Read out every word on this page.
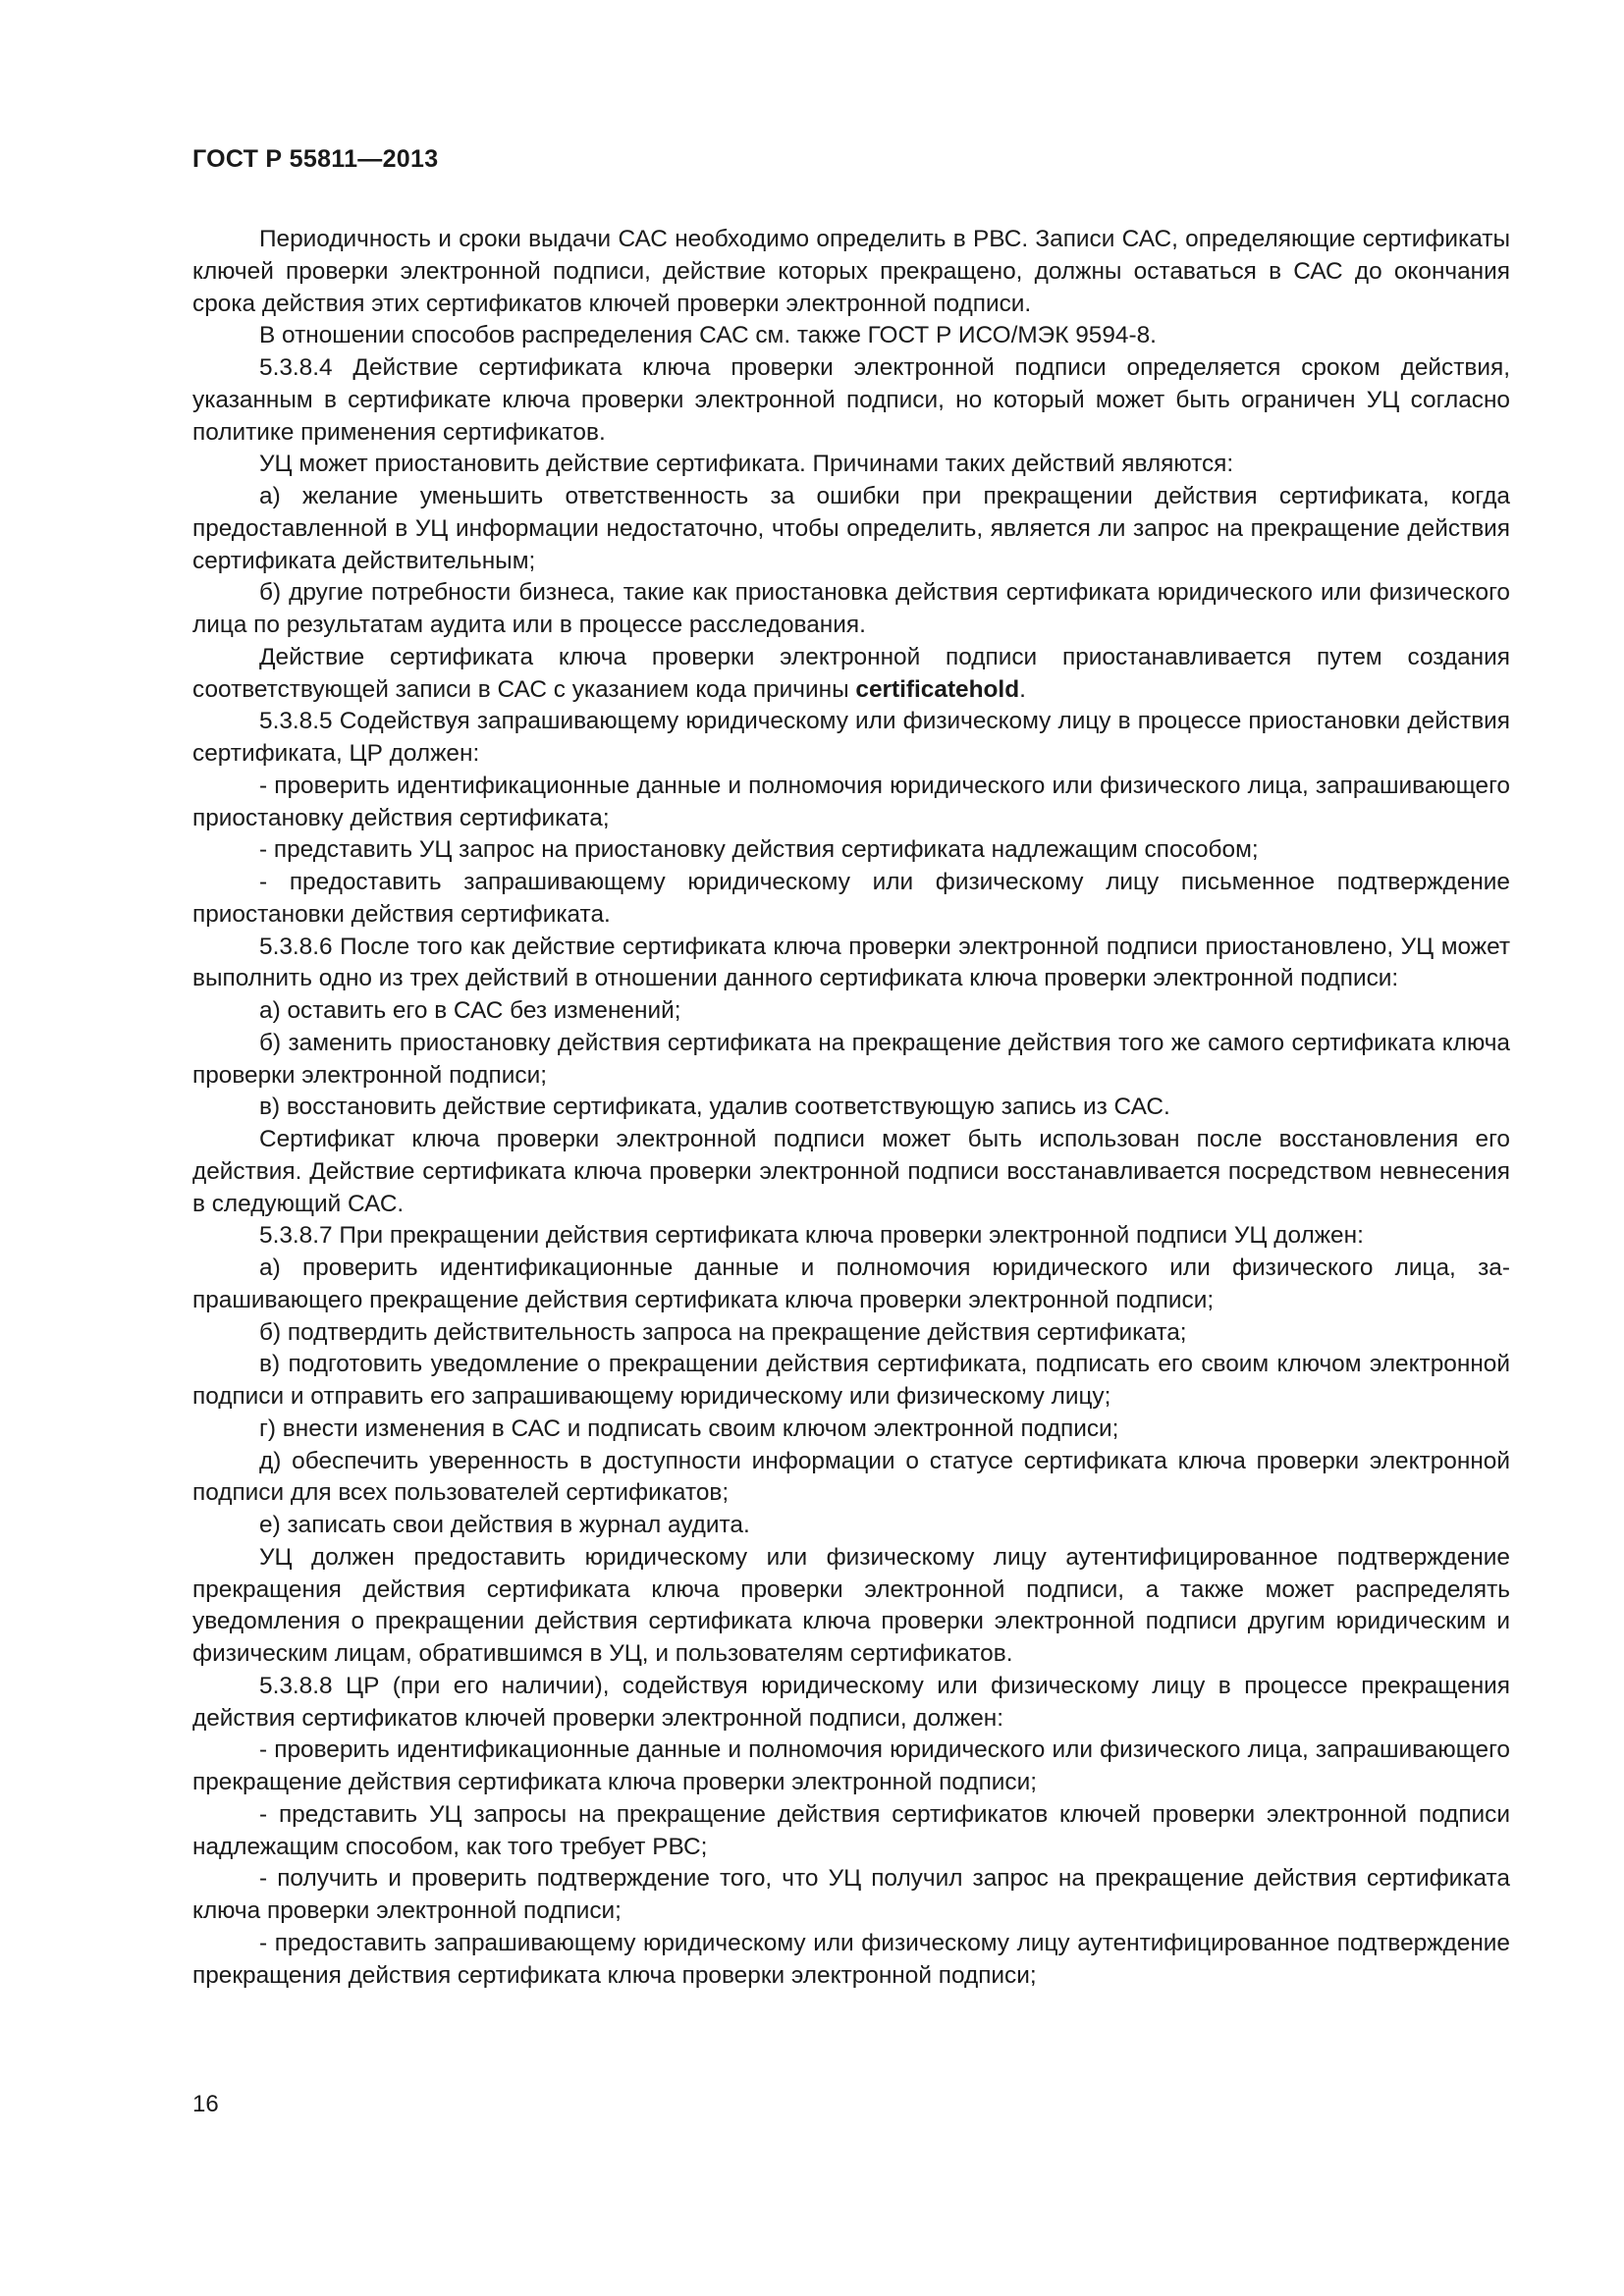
ГОСТ Р 55811—2013

Периодичность и сроки выдачи САС необходимо определить в РВС. Записи САС, определяющие сертификаты ключей проверки электронной подписи, действие которых прекращено, должны оставаться в САС до окончания срока действия этих сертификатов ключей проверки электронной подписи.

В отношении способов распределения САС см. также ГОСТ Р ИСО/МЭК 9594-8.

5.3.8.4 Действие сертификата ключа проверки электронной подписи определяется сроком действия, указанным в сертификате ключа проверки электронной подписи, но который может быть ограничен УЦ согласно политике применения сертификатов.

УЦ может приостановить действие сертификата. Причинами таких действий являются:

а) желание уменьшить ответственность за ошибки при прекращении действия сертификата, когда предоставленной в УЦ информации недостаточно, чтобы определить, является ли запрос на прекращение действия сертификата действительным;

б) другие потребности бизнеса, такие как приостановка действия сертификата юридического или физического лица по результатам аудита или в процессе расследования.

Действие сертификата ключа проверки электронной подписи приостанавливается путем создания соответствующей записи в САС с указанием кода причины certificatehold.

5.3.8.5 Содействуя запрашивающему юридическому или физическому лицу в процессе приостановки действия сертификата, ЦР должен:

- проверить идентификационные данные и полномочия юридического или физического лица, запрашивающего приостановку действия сертификата;

- представить УЦ запрос на приостановку действия сертификата надлежащим способом;

- предоставить запрашивающему юридическому или физическому лицу письменное подтверждение приостановки действия сертификата.

5.3.8.6 После того как действие сертификата ключа проверки электронной подписи приостановлено, УЦ может выполнить одно из трех действий в отношении данного сертификата ключа проверки электронной подписи:

а) оставить его в САС без изменений;

б) заменить приостановку действия сертификата на прекращение действия того же самого сертификата ключа проверки электронной подписи;

в) восстановить действие сертификата, удалив соответствующую запись из САС.

Сертификат ключа проверки электронной подписи может быть использован после восстановления его действия. Действие сертификата ключа проверки электронной подписи восстанавливается посредством невнесения в следующий САС.

5.3.8.7 При прекращении действия сертификата ключа проверки электронной подписи УЦ должен:

а) проверить идентификационные данные и полномочия юридического или физического лица, запрашивающего прекращение действия сертификата ключа проверки электронной подписи;

б) подтвердить действительность запроса на прекращение действия сертификата;

в) подготовить уведомление о прекращении действия сертификата, подписать его своим ключом электронной подписи и отправить его запрашивающему юридическому или физическому лицу;

г) внести изменения в САС и подписать своим ключом электронной подписи;

д) обеспечить уверенность в доступности информации о статусе сертификата ключа проверки электронной подписи для всех пользователей сертификатов;

е) записать свои действия в журнал аудита.

УЦ должен предоставить юридическому или физическому лицу аутентифицированное подтверждение прекращения действия сертификата ключа проверки электронной подписи, а также может распределять уведомления о прекращении действия сертификата ключа проверки электронной подписи другим юридическим и физическим лицам, обратившимся в УЦ, и пользователям сертификатов.

5.3.8.8 ЦР (при его наличии), содействуя юридическому или физическому лицу в процессе прекращения действия сертификатов ключей проверки электронной подписи, должен:

- проверить идентификационные данные и полномочия юридического или физического лица, запрашивающего прекращение действия сертификата ключа проверки электронной подписи;

- представить УЦ запросы на прекращение действия сертификатов ключей проверки электронной подписи надлежащим способом, как того требует РВС;

- получить и проверить подтверждение того, что УЦ получил запрос на прекращение действия сертификата ключа проверки электронной подписи;

- предоставить запрашивающему юридическому или физическому лицу аутентифицированное подтверждение прекращения действия сертификата ключа проверки электронной подписи;

16
